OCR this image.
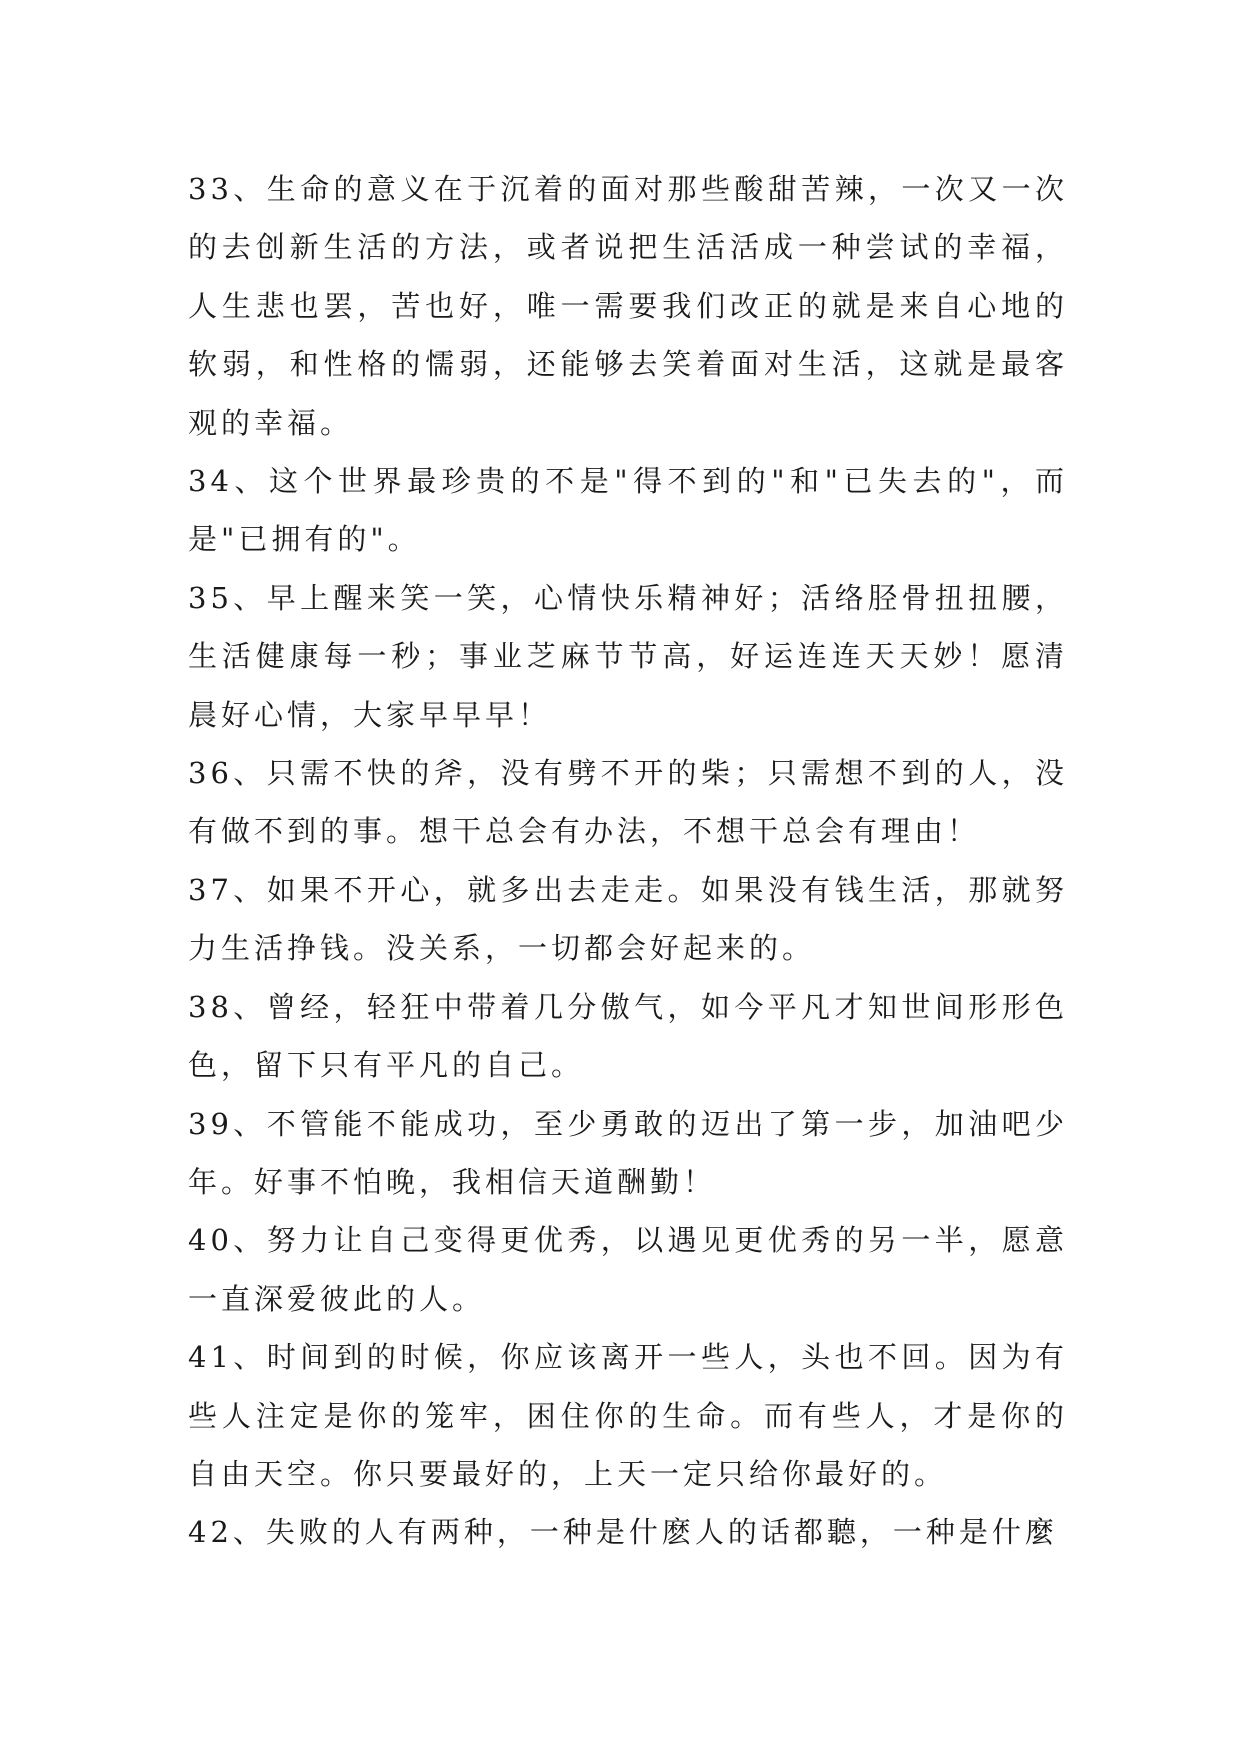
33、生命的意义在于沉着的面对那些酸甜苦辣，一次又一次的去创新生活的方法，或者说把生活活成一种尝试的幸福，人生悲也罢，苦也好，唯一需要我们改正的就是来自心地的软弱，和性格的懦弱，还能够去笑着面对生活，这就是最客观的幸福。

34、这个世界最珍贵的不是"得不到的"和"已失去的"，而是"已拥有的"。

35、早上醒来笑一笑，心情快乐精神好；活络胫骨扭扭腰，生活健康每一秒；事业芝麻节节高，好运连连天天妙！愿清晨好心情，大家早早早！

36、只需不快的斧，没有劈不开的柴；只需想不到的人，没有做不到的事。想干总会有办法，不想干总会有理由！

37、如果不开心，就多出去走走。如果没有钱生活，那就努力生活挣钱。没关系，一切都会好起来的。

38、曾经，轻狂中带着几分傲气，如今平凡才知世间形形色色，留下只有平凡的自己。

39、不管能不能成功，至少勇敢的迈出了第一步，加油吧少年。好事不怕晚，我相信天道酬勤！

40、努力让自己变得更优秀，以遇见更优秀的另一半，愿意一直深爱彼此的人。

41、时间到的时候，你应该离开一些人，头也不回。因为有些人注定是你的笼牢，困住你的生命。而有些人，才是你的自由天空。你只要最好的，上天一定只给你最好的。

42、失败的人有两种，一种是什麽人的话都聽，一种是什麼
